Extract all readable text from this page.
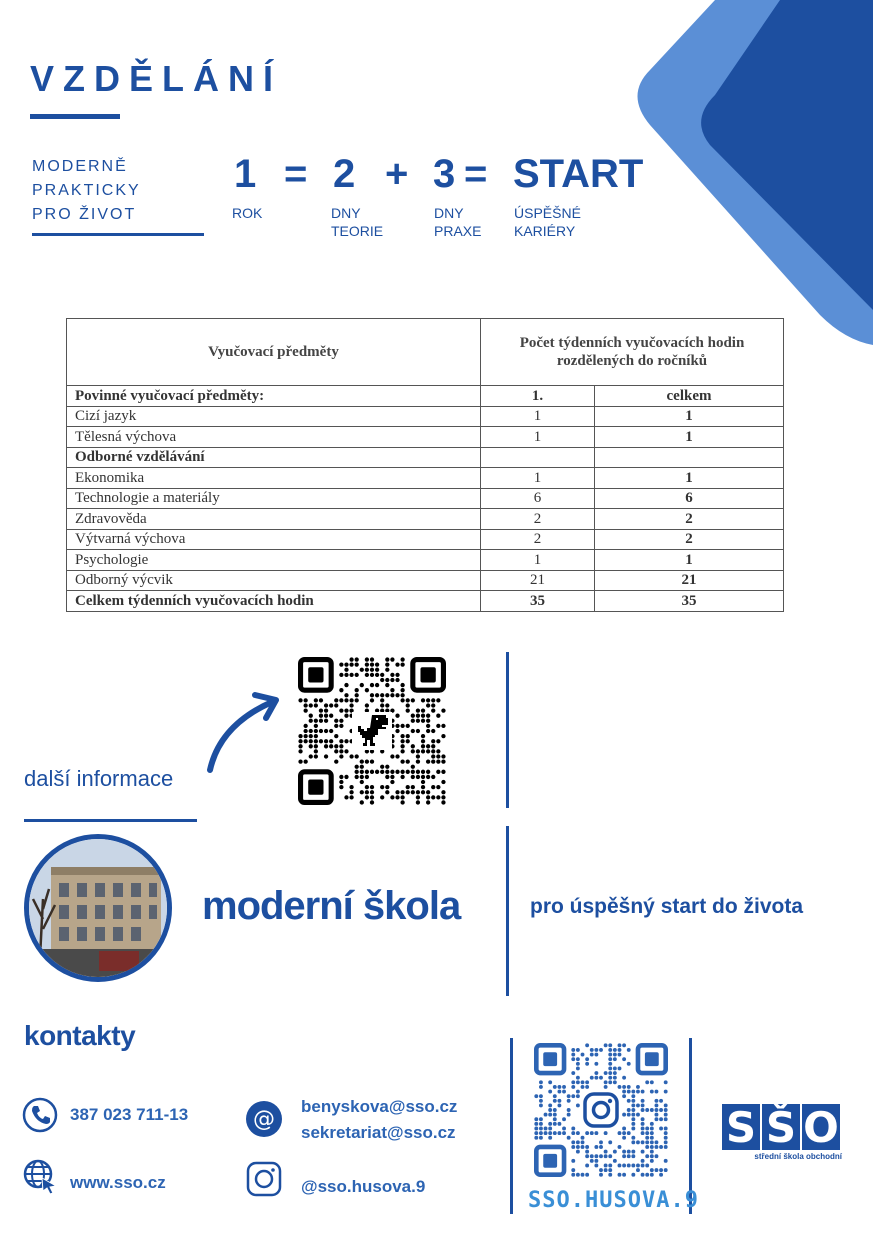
VZDĚLÁNÍ
MODERNĚ
PRAKTICKY
PRO ŽIVOT
1
ROK
= 2
DNY
TEORIE
+ 3
DNY
PRAXE
= START
ÚSPĚŠNÉ
KARIÉRY
Vyučovací předměty	Počet týdenních vyučovacích hodin rozdělených do ročníků	
Povinné vyučovací předměty:	1.	celkem
Cizí jazyk	1	1
Tělesná výchova	1	1
Odborné vzdělávání		
Ekonomika	1	1
Technologie a materiály	6	6
Zdravověda	2	2
Výtvarná výchova	2	2
Psychologie	1	1
Odborný výcvik	21	21
Celkem týdenních vyučovacích hodin	35	35
další informace
moderní škola	pro úspěšný start do života
kontakty
387 023 711-13
www.sso.cz
@
benyskova@sso.cz
sekretariat@sso.cz
@sso.husova.9
SSO.HUSOVA.9
S Š O
střední škola obchodní
